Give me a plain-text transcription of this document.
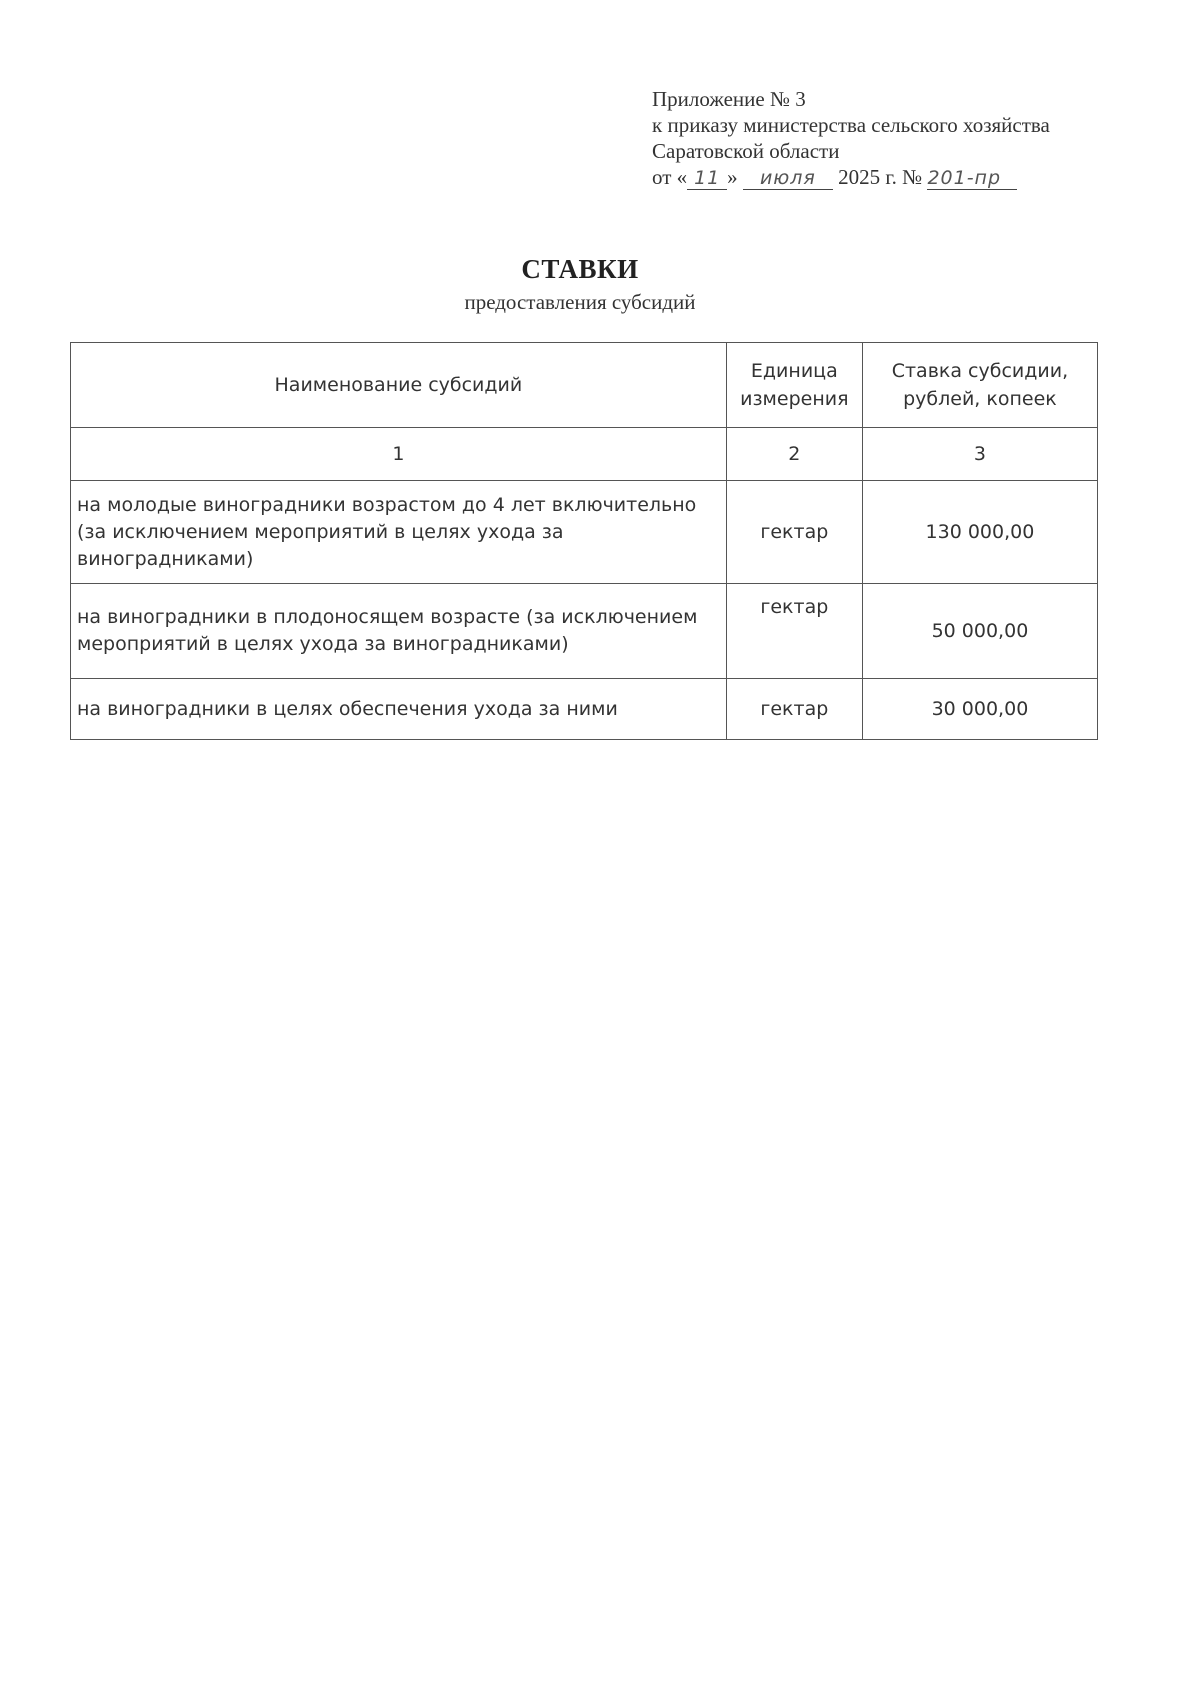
Приложение № 3
к приказу министерства сельского хозяйства
Саратовской области
от « 11 » июля 2025 г. № 201-пр
СТАВКИ
предоставления субсидий
Наименование субсидий	Единица измерения	Ставка субсидии, рублей, копеек
1	2	3
на молодые виноградники возрастом до 4 лет включительно (за исключением мероприятий в целях ухода за виноградниками)	гектар	130 000,00
на виноградники в плодоносящем возрасте (за исключением мероприятий в целях ухода за виноградниками)	гектар	50 000,00
на виноградники в целях обеспечения ухода за ними	гектар	30 000,00
